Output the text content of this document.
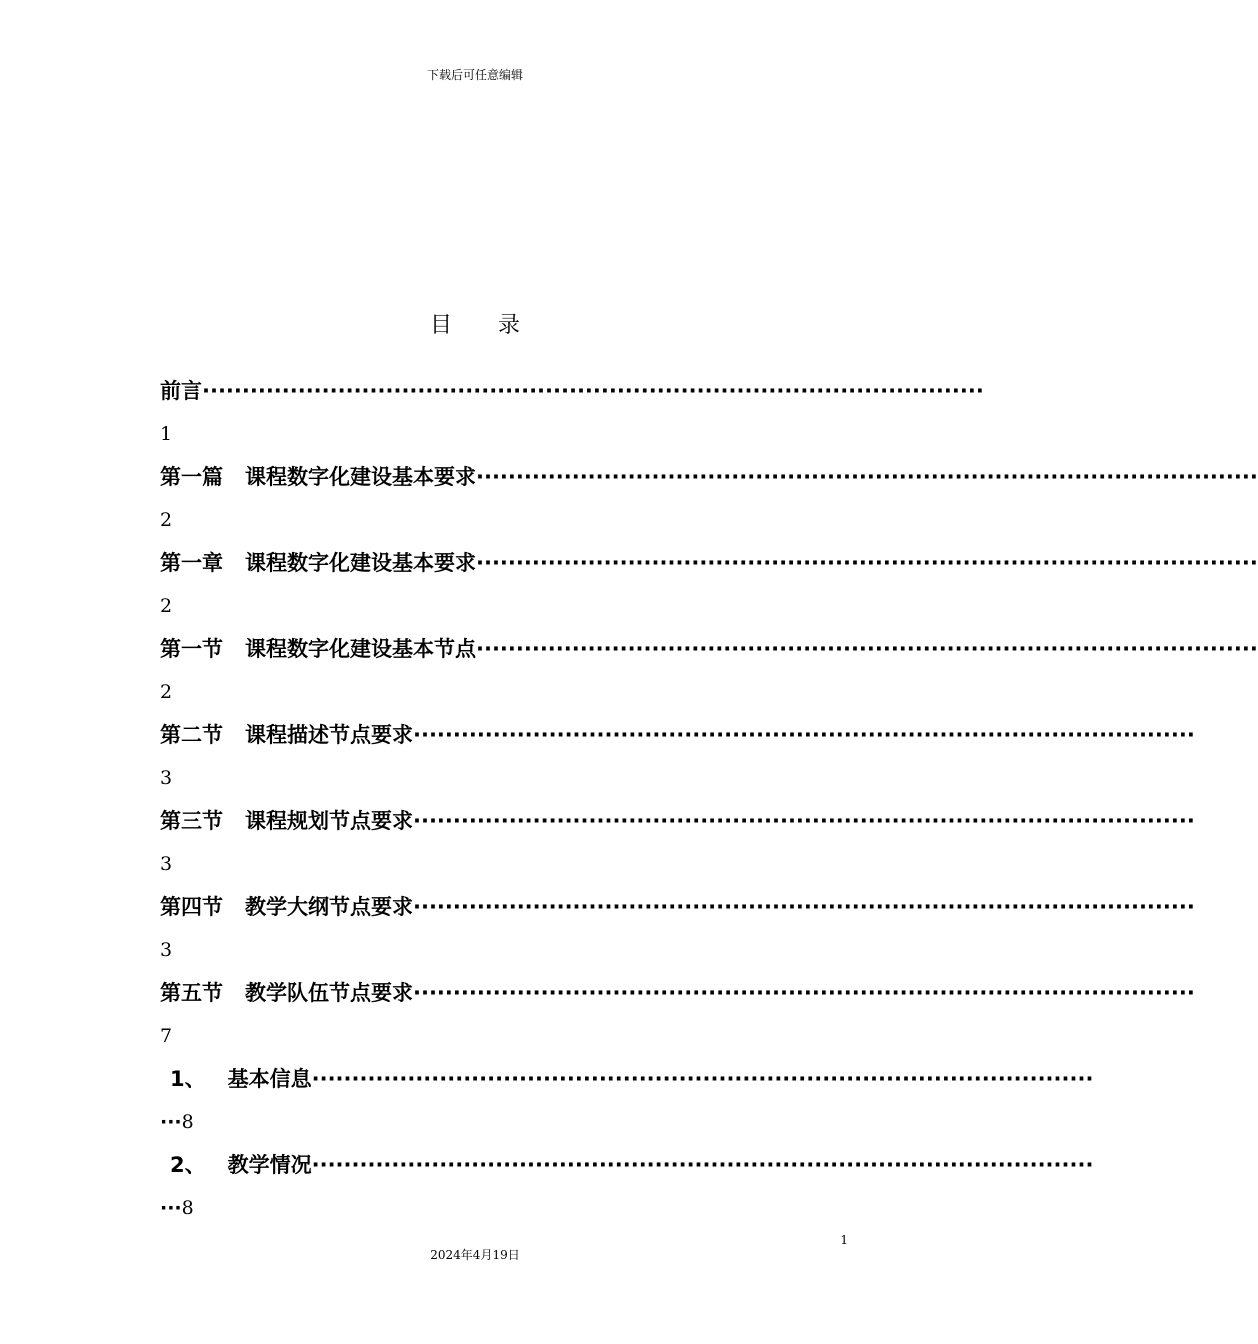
下载后可任意编辑
目 录
前言··································································································
1
第一篇 课程数字化建设基本要求··································································································
2
第一章 课程数字化建设基本要求··································································································
2
第一节 课程数字化建设基本节点··································································································
2
第二节 课程描述节点要求··································································································
3
第三节 课程规划节点要求··································································································
3
第四节 教学大纲节点要求··································································································
3
第五节 教学队伍节点要求··································································································
7
1、 基本信息··································································································
···8
2、 教学情况··································································································
···8
1
2024年4月19日
